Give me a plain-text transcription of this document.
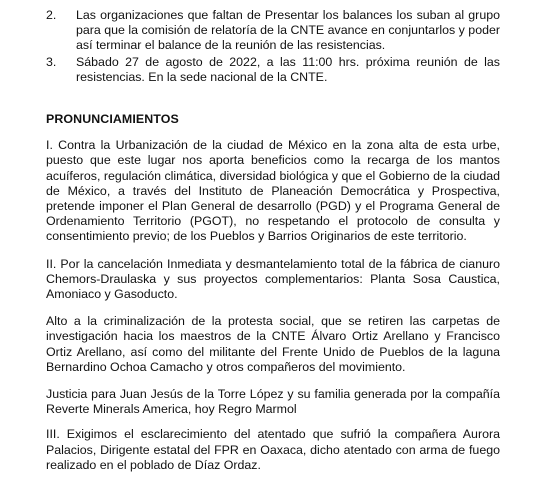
2.	Las organizaciones que faltan de Presentar los balances los suban al grupo para que la comisión de relatoría de la CNTE avance en conjuntarlos y poder así terminar el balance de la reunión de las resistencias.
3.	Sábado 27 de agosto de 2022, a las 11:00 hrs. próxima reunión de las resistencias. En la sede nacional de la CNTE.
PRONUNCIAMIENTOS

I. Contra la Urbanización de la ciudad de México en la zona alta de esta urbe, puesto que este lugar nos aporta beneficios como la recarga de los mantos acuíferos, regulación climática, diversidad biológica y que el Gobierno de la ciudad de México, a través del Instituto de Planeación Democrática y Prospectiva, pretende imponer el Plan General de desarrollo (PGD) y el Programa General de Ordenamiento Territorio (PGOT), no respetando el protocolo de consulta y consentimiento previo; de los Pueblos y Barrios Originarios de este territorio.

II. Por la cancelación Inmediata y desmantelamiento total de la fábrica de cianuro Chemors-Draulaska y sus proyectos complementarios: Planta Sosa Caustica, Amoniaco y Gasoducto.

Alto a la criminalización de la protesta social, que se retiren las carpetas de investigación hacia los maestros de la CNTE Álvaro Ortiz Arellano y Francisco Ortiz Arellano, así como del militante del Frente Unido de Pueblos de la laguna Bernardino Ochoa Camacho y otros compañeros del movimiento.

Justicia para Juan Jesús de la Torre López y su familia generada por la compañía Reverte Minerals America, hoy Regro Marmol

III. Exigimos el esclarecimiento del atentado que sufrió la compañera Aurora Palacios, Dirigente estatal del FPR en Oaxaca, dicho atentado con arma de fuego realizado en el poblado de Díaz Ordaz.
